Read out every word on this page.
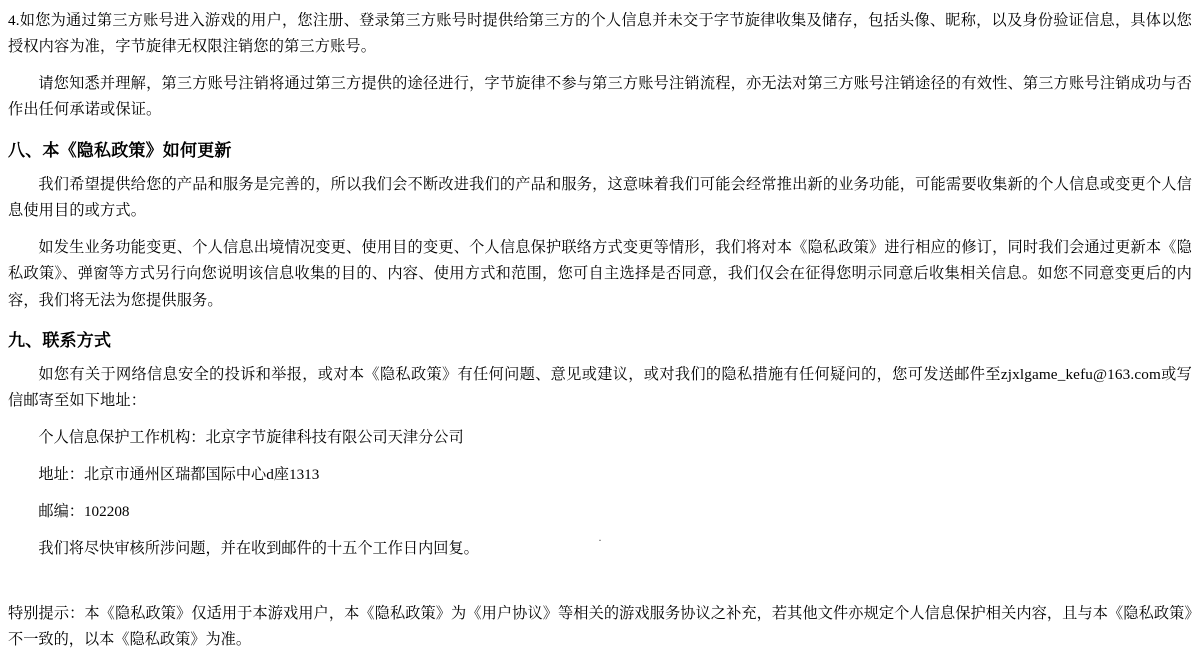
4.如您为通过第三方账号进入游戏的用户，您注册、登录第三方账号时提供给第三方的个人信息并未交于字节旋律收集及储存，包括头像、昵称，以及身份验证信息，具体以您授权内容为准，字节旋律无权限注销您的第三方账号。

请您知悉并理解，第三方账号注销将通过第三方提供的途径进行，字节旋律不参与第三方账号注销流程，亦无法对第三方账号注销途径的有效性、第三方账号注销成功与否作出任何承诺或保证。

八、本《隐私政策》如何更新

我们希望提供给您的产品和服务是完善的，所以我们会不断改进我们的产品和服务，这意味着我们可能会经常推出新的业务功能，可能需要收集新的个人信息或变更个人信息使用目的或方式。

如发生业务功能变更、个人信息出境情况变更、使用目的变更、个人信息保护联络方式变更等情形，我们将对本《隐私政策》进行相应的修订，同时我们会通过更新本《隐私政策》、弹窗等方式另行向您说明该信息收集的目的、内容、使用方式和范围，您可自主选择是否同意，我们仅会在征得您明示同意后收集相关信息。如您不同意变更后的内容，我们将无法为您提供服务。

九、联系方式

如您有关于网络信息安全的投诉和举报，或对本《隐私政策》有任何问题、意见或建议，或对我们的隐私措施有任何疑问的，您可发送邮件至zjxlgame_kefu@163.com或写信邮寄至如下地址：

个人信息保护工作机构：北京字节旋律科技有限公司天津分公司

地址：北京市通州区瑞都国际中心d座1313

邮编：102208

我们将尽快审核所涉问题，并在收到邮件的十五个工作日内回复。

特别提示：本《隐私政策》仅适用于本游戏用户，本《隐私政策》为《用户协议》等相关的游戏服务协议之补充，若其他文件亦规定个人信息保护相关内容，且与本《隐私政策》不一致的，以本《隐私政策》为准。

.
